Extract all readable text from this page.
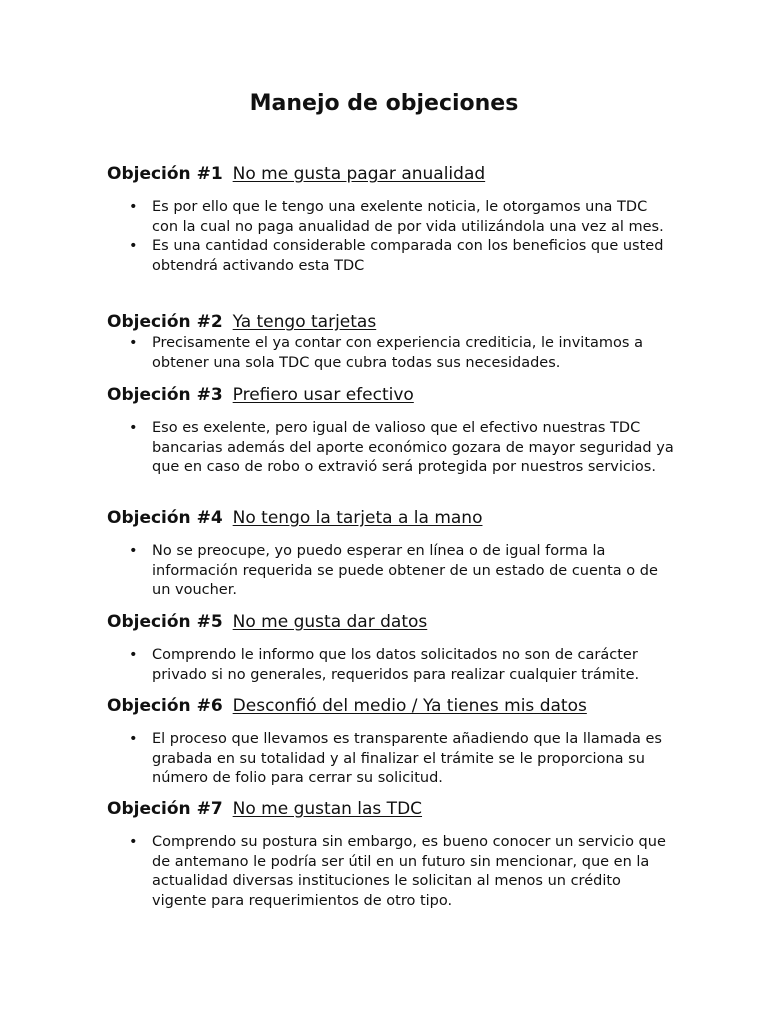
Manejo de objeciones

Objeción #1 No me gusta pagar anualidad

• Es por ello que le tengo una exelente noticia, le otorgamos una TDC con la cual no paga anualidad de por vida utilizándola una vez al mes.
• Es una cantidad considerable comparada con los beneficios que usted obtendrá activando esta TDC

Objeción #2 Ya tengo tarjetas

• Precisamente el ya contar con experiencia crediticia, le invitamos a obtener una sola TDC que cubra todas sus necesidades.

Objeción #3 Prefiero usar efectivo

• Eso es exelente, pero igual de valioso que el efectivo nuestras TDC bancarias además del aporte económico gozara de mayor seguridad ya que en caso de robo o extravió será protegida por nuestros servicios.

Objeción #4 No tengo la tarjeta a la mano

• No se preocupe, yo puedo esperar en línea o de igual forma la información requerida se puede obtener de un estado de cuenta o de un voucher.

Objeción #5 No me gusta dar datos

• Comprendo le informo que los datos solicitados no son de carácter privado si no generales, requeridos para realizar cualquier trámite.

Objeción #6 Desconfió del medio / Ya tienes mis datos

• El proceso que llevamos es transparente añadiendo que la llamada es grabada en su totalidad y al finalizar el trámite se le proporciona su número de folio para cerrar su solicitud.

Objeción #7 No me gustan las TDC

• Comprendo su postura sin embargo, es bueno conocer un servicio que de antemano le podría ser útil en un futuro sin mencionar, que en la actualidad diversas instituciones le solicitan al menos un crédito vigente para requerimientos de otro tipo.
